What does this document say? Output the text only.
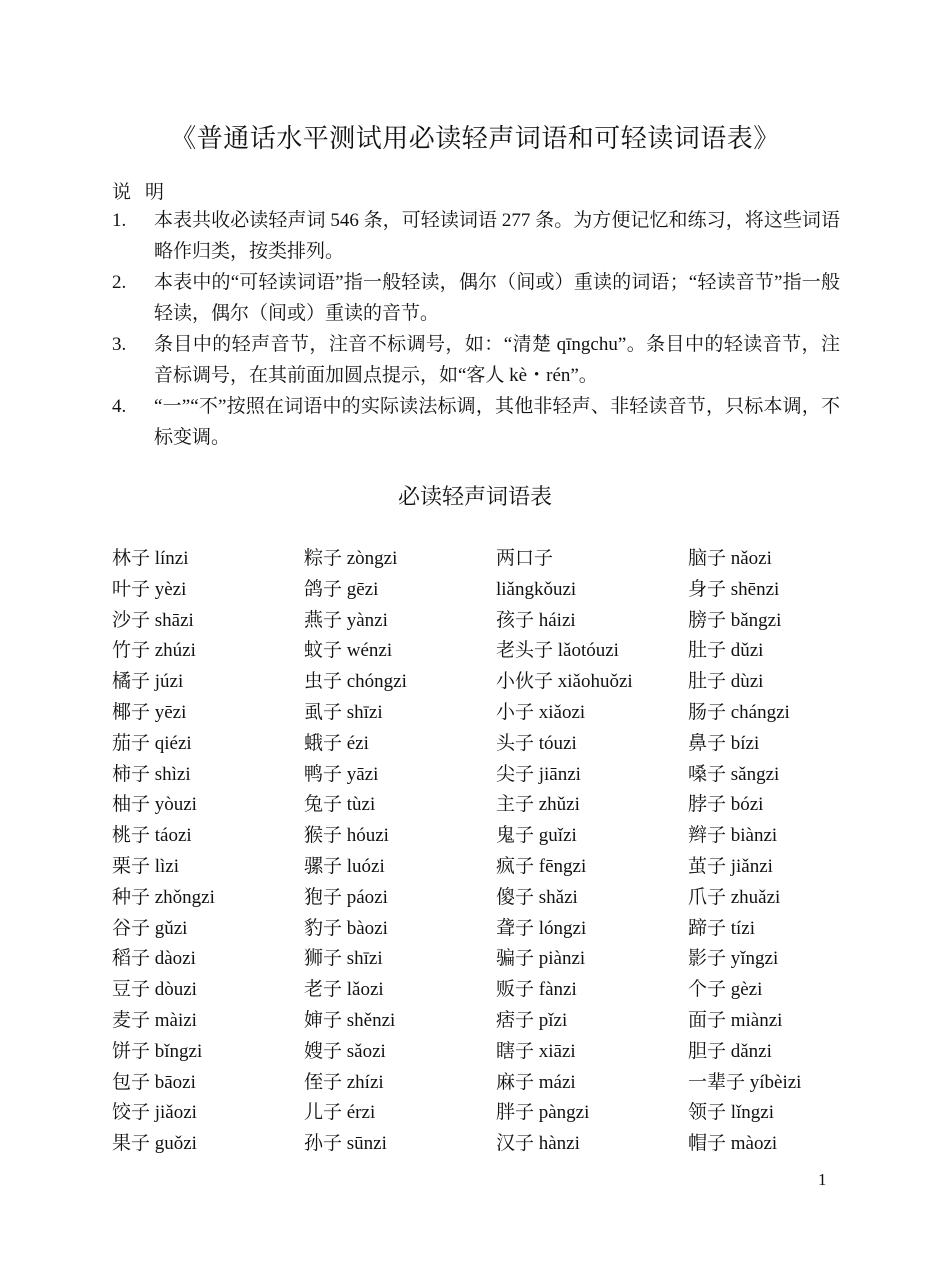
《普通话水平测试用必读轻声词语和可轻读词语表》
说明
1. 本表共收必读轻声词 546 条，可轻读词语 277 条。为方便记忆和练习，将这些词语略作归类，按类排列。
2. 本表中的“可轻读词语”指一般轻读，偶尔（间或）重读的词语；“轻读音节”指一般轻读，偶尔（间或）重读的音节。
3. 条目中的轻声音节，注音不标调号，如：“清楚 qīngchu”。条目中的轻读音节，注音标调号，在其前面加圆点提示，如“客人 kè・rén”。
4. “一”“不”按照在词语中的实际读法标调，其他非轻声、非轻读音节，只标本调，不标变调。
必读轻声词语表
林子 línzi	粽子 zòngzi	两口子	脑子 nǎozi
叶子 yèzi	鸽子 gēzi	liǎngkǒuzi	身子 shēnzi
沙子 shāzi	燕子 yànzi	孩子 háizi	膀子 bǎngzi
竹子 zhúzi	蚊子 wénzi	老头子 lǎotóuzi	肚子 dǔzi
橘子 júzi	虫子 chóngzi	小伙子 xiǎohuǒzi	肚子 dùzi
椰子 yēzi	虱子 shīzi	小子 xiǎozi	肠子 chángzi
茄子 qiézi	蛾子 ézi	头子 tóuzi	鼻子 bízi
柿子 shìzi	鸭子 yāzi	尖子 jiānzi	嗓子 sǎngzi
柚子 yòuzi	兔子 tùzi	主子 zhǔzi	脖子 bózi
桃子 táozi	猴子 hóuzi	鬼子 guǐzi	辫子 biànzi
栗子 lìzi	骡子 luózi	疯子 fēngzi	茧子 jiǎnzi
种子 zhǒngzi	狍子 páozi	傻子 shǎzi	爪子 zhuǎzi
谷子 gǔzi	豹子 bàozi	聋子 lóngzi	蹄子 tízi
稻子 dàozi	狮子 shīzi	骗子 piànzi	影子 yǐngzi
豆子 dòuzi	老子 lǎozi	贩子 fànzi	个子 gèzi
麦子 màizi	婶子 shěnzi	痞子 pǐzi	面子 miànzi
饼子 bǐngzi	嫂子 sǎozi	瞎子 xiāzi	胆子 dǎnzi
包子 bāozi	侄子 zhízi	麻子 mázi	一辈子 yíbèizi
饺子 jiǎozi	儿子 érzi	胖子 pàngzi	领子 lǐngzi
果子 guǒzi	孙子 sūnzi	汉子 hànzi	帽子 màozi
1
